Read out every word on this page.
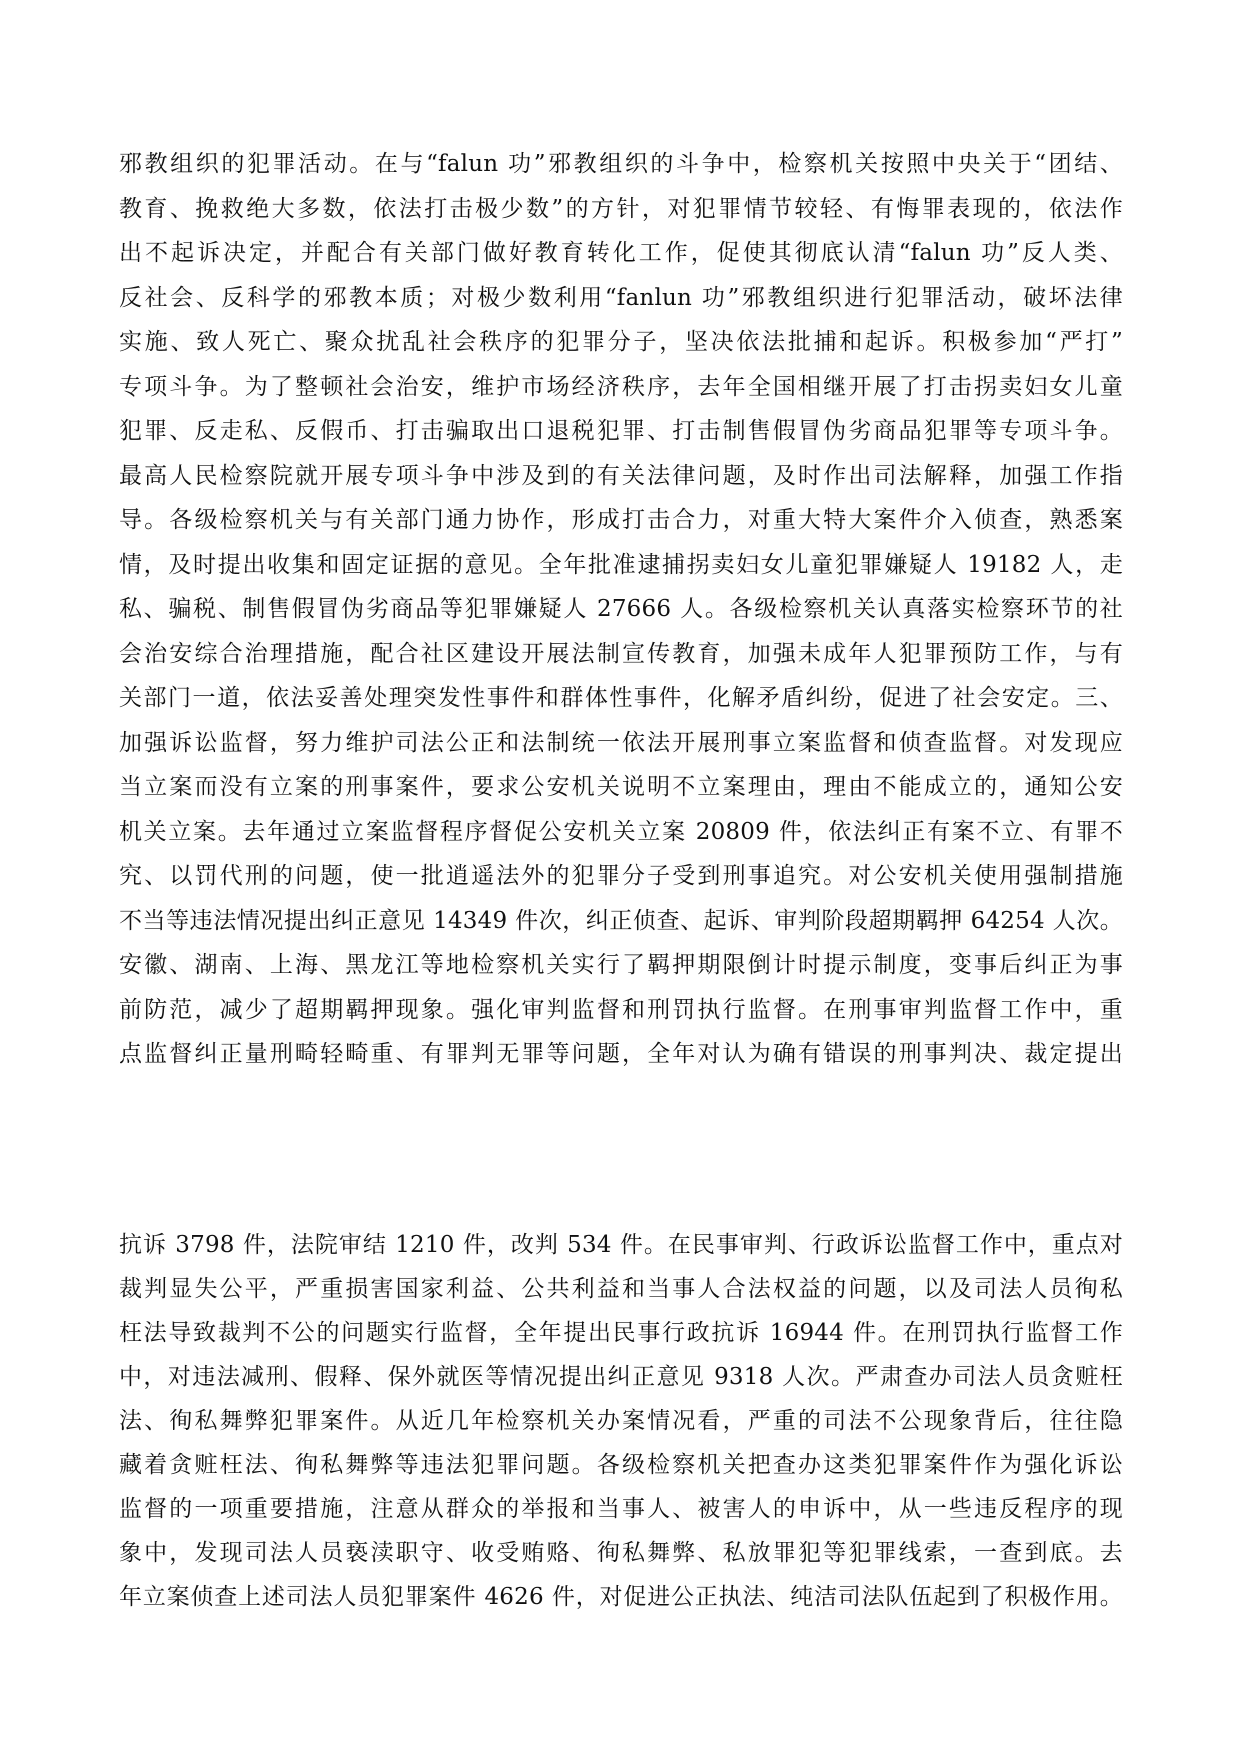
邪教组织的犯罪活动。在与“falun 功”邪教组织的斗争中，检察机关按照中央关于“团结、
教育、挽救绝大多数，依法打击极少数”的方针，对犯罪情节较轻、有悔罪表现的，依法作
出不起诉决定，并配合有关部门做好教育转化工作，促使其彻底认清“falun 功”反人类、
反社会、反科学的邪教本质；对极少数利用“fanlun 功”邪教组织进行犯罪活动，破坏法律
实施、致人死亡、聚众扰乱社会秩序的犯罪分子，坚决依法批捕和起诉。积极参加“严打”
专项斗争。为了整顿社会治安，维护市场经济秩序，去年全国相继开展了打击拐卖妇女儿童
犯罪、反走私、反假币、打击骗取出口退税犯罪、打击制售假冒伪劣商品犯罪等专项斗争。
最高人民检察院就开展专项斗争中涉及到的有关法律问题，及时作出司法解释，加强工作指
导。各级检察机关与有关部门通力协作，形成打击合力，对重大特大案件介入侦查，熟悉案
情，及时提出收集和固定证据的意见。全年批准逮捕拐卖妇女儿童犯罪嫌疑人 19182 人，走
私、骗税、制售假冒伪劣商品等犯罪嫌疑人 27666 人。各级检察机关认真落实检察环节的社
会治安综合治理措施，配合社区建设开展法制宣传教育，加强未成年人犯罪预防工作，与有
关部门一道，依法妥善处理突发性事件和群体性事件，化解矛盾纠纷，促进了社会安定。三、
加强诉讼监督，努力维护司法公正和法制统一依法开展刑事立案监督和侦查监督。对发现应
当立案而没有立案的刑事案件，要求公安机关说明不立案理由，理由不能成立的，通知公安
机关立案。去年通过立案监督程序督促公安机关立案 20809 件，依法纠正有案不立、有罪不
究、以罚代刑的问题，使一批逍遥法外的犯罪分子受到刑事追究。对公安机关使用强制措施
不当等违法情况提出纠正意见 14349 件次，纠正侦查、起诉、审判阶段超期羁押 64254 人次。
安徽、湖南、上海、黑龙江等地检察机关实行了羁押期限倒计时提示制度，变事后纠正为事
前防范，减少了超期羁押现象。强化审判监督和刑罚执行监督。在刑事审判监督工作中，重
点监督纠正量刑畸轻畸重、有罪判无罪等问题，全年对认为确有错误的刑事判决、裁定提出
抗诉 3798 件，法院审结 1210 件，改判 534 件。在民事审判、行政诉讼监督工作中，重点对
裁判显失公平，严重损害国家利益、公共利益和当事人合法权益的问题，以及司法人员徇私
枉法导致裁判不公的问题实行监督，全年提出民事行政抗诉 16944 件。在刑罚执行监督工作
中，对违法减刑、假释、保外就医等情况提出纠正意见 9318 人次。严肃查办司法人员贪赃枉
法、徇私舞弊犯罪案件。从近几年检察机关办案情况看，严重的司法不公现象背后，往往隐
藏着贪赃枉法、徇私舞弊等违法犯罪问题。各级检察机关把查办这类犯罪案件作为强化诉讼
监督的一项重要措施，注意从群众的举报和当事人、被害人的申诉中，从一些违反程序的现
象中，发现司法人员亵渎职守、收受贿赂、徇私舞弊、私放罪犯等犯罪线索，一查到底。去
年立案侦查上述司法人员犯罪案件 4626 件，对促进公正执法、纯洁司法队伍起到了积极作用。
